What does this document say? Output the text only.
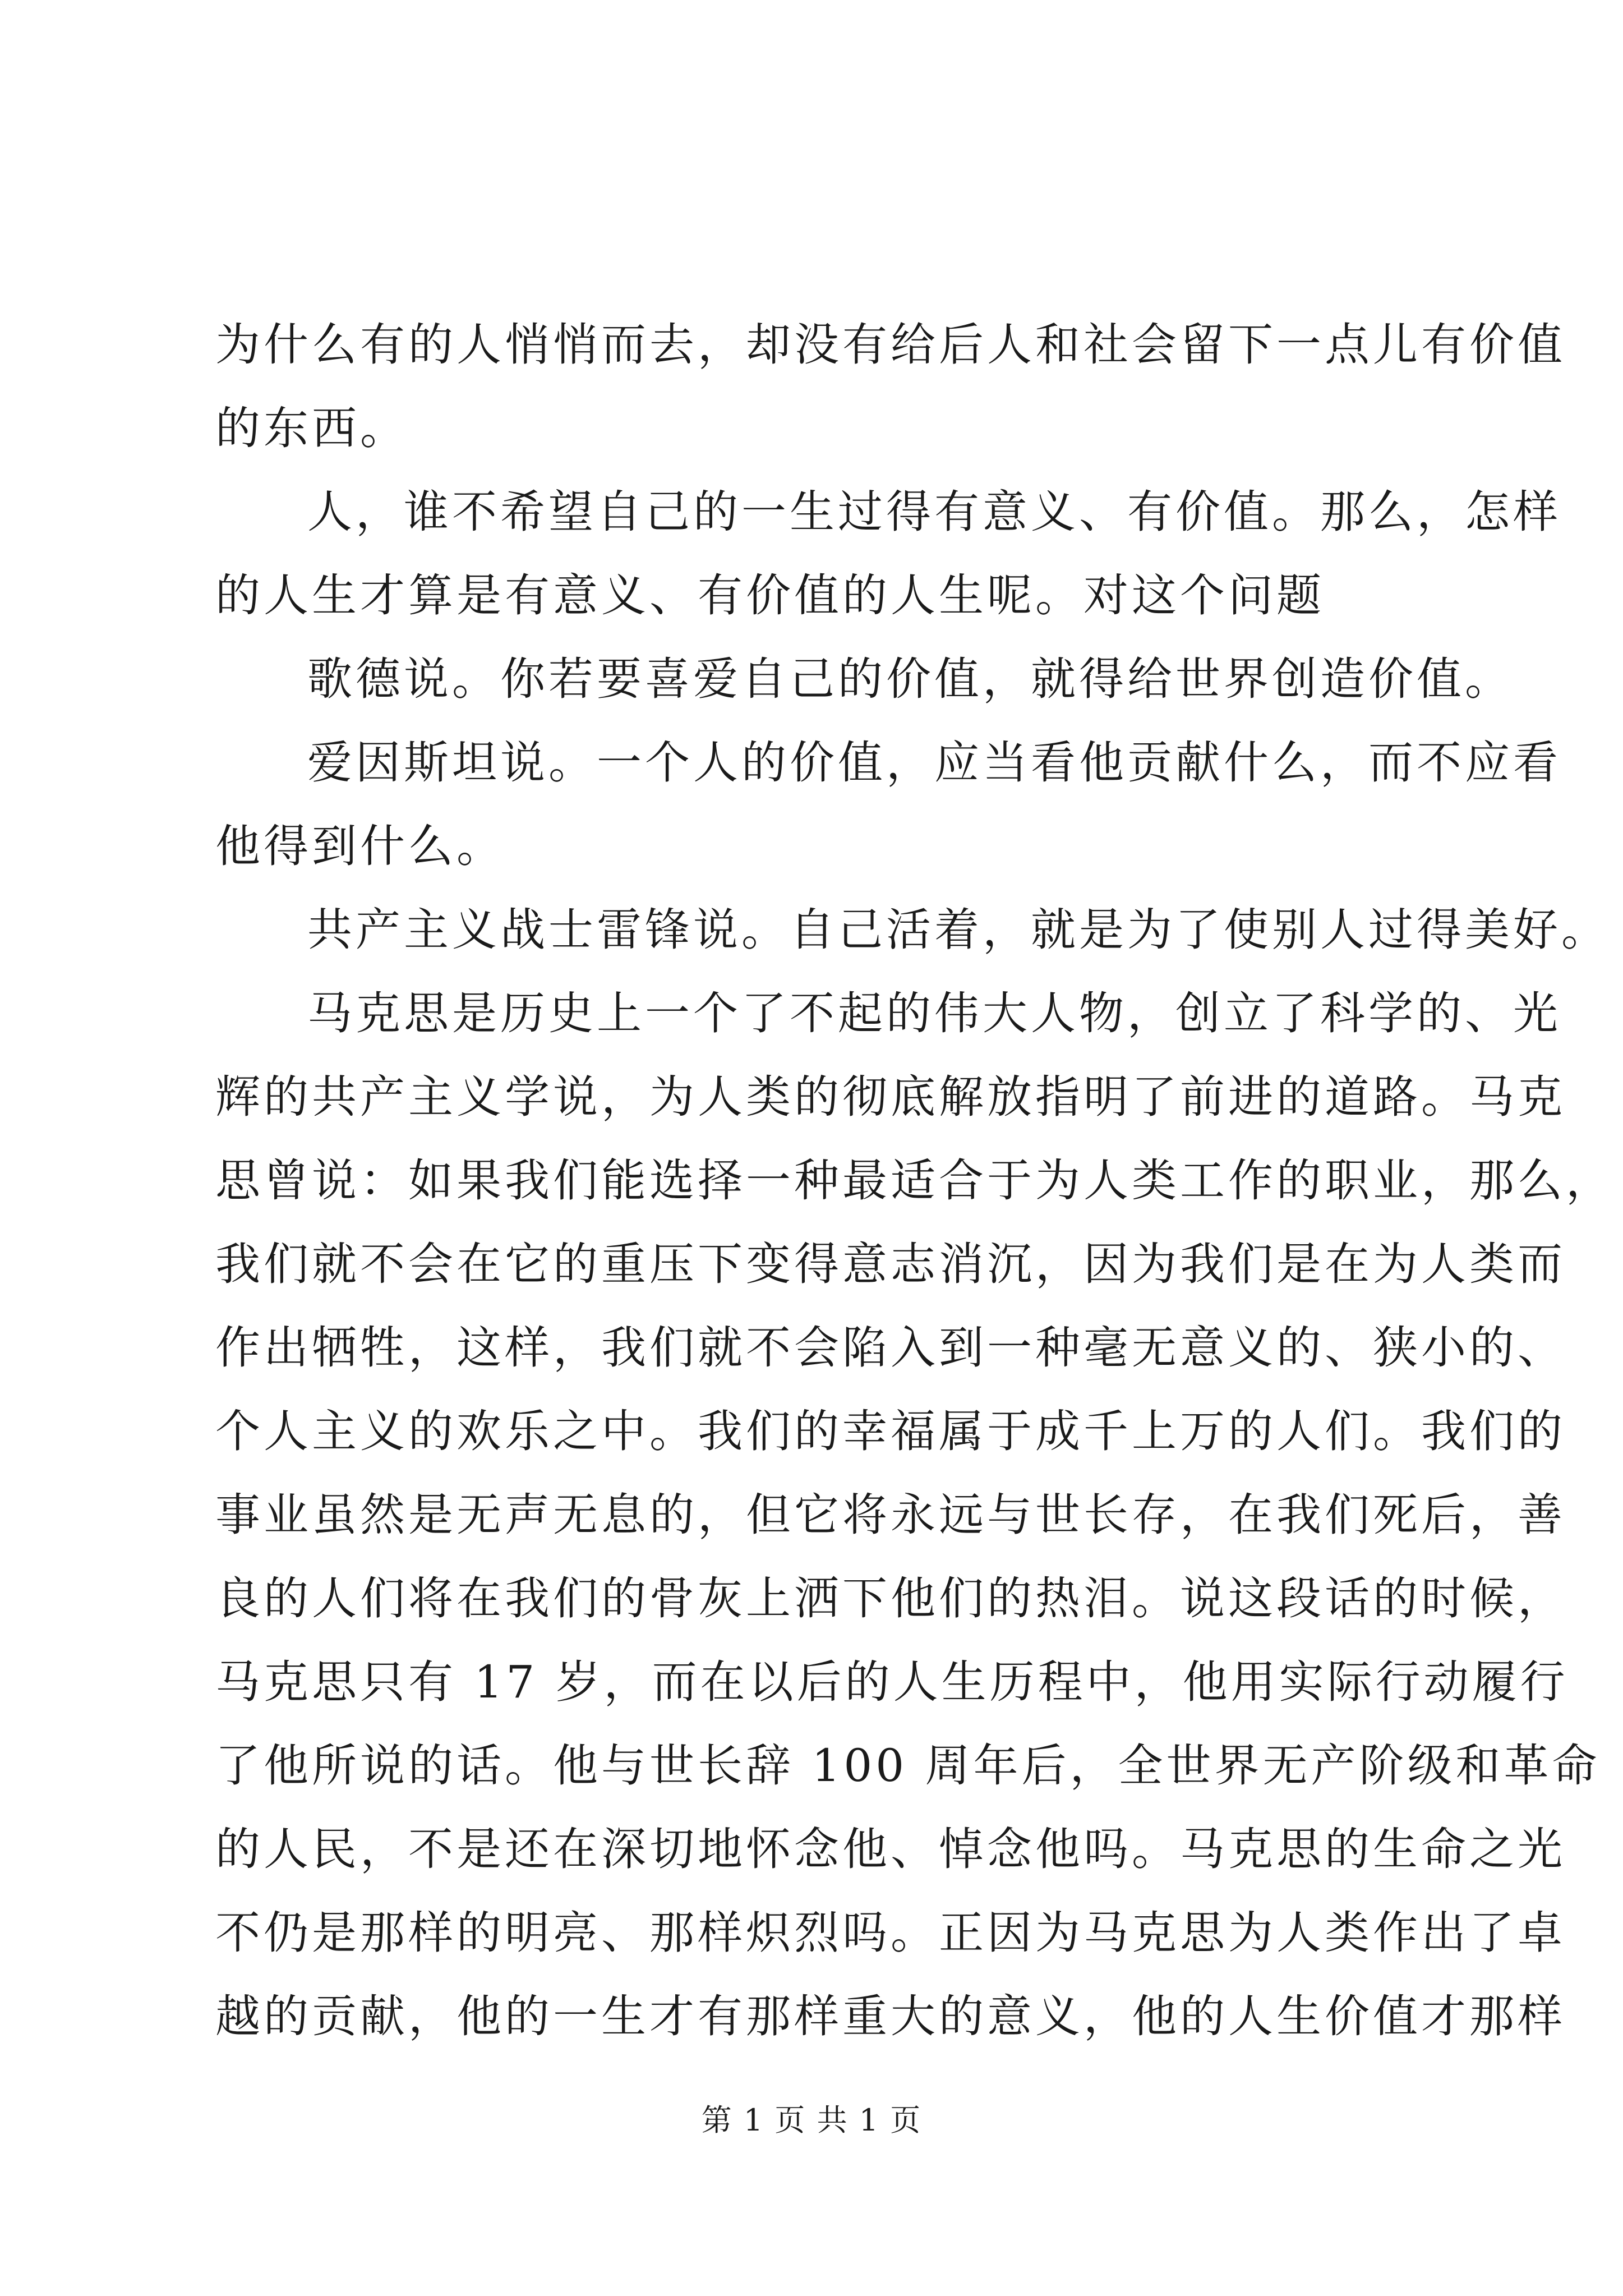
为什么有的人悄悄而去，却没有给后人和社会留下一点儿有价值
的东西。
人，谁不希望自己的一生过得有意义、有价值。那么，怎样
的人生才算是有意义、有价值的人生呢。对这个问题
歌德说。你若要喜爱自己的价值，就得给世界创造价值。
爱因斯坦说。一个人的价值，应当看他贡献什么，而不应看
他得到什么。
共产主义战士雷锋说。自己活着，就是为了使别人过得美好。
马克思是历史上一个了不起的伟大人物，创立了科学的、光
辉的共产主义学说，为人类的彻底解放指明了前进的道路。马克
思曾说：如果我们能选择一种最适合于为人类工作的职业，那么，
我们就不会在它的重压下变得意志消沉，因为我们是在为人类而
作出牺牲，这样，我们就不会陷入到一种毫无意义的、狭小的、
个人主义的欢乐之中。我们的幸福属于成千上万的人们。我们的
事业虽然是无声无息的，但它将永远与世长存，在我们死后，善
良的人们将在我们的骨灰上洒下他们的热泪。说这段话的时候，
马克思只有 17 岁，而在以后的人生历程中，他用实际行动履行
了他所说的话。他与世长辞 100 周年后，全世界无产阶级和革命
的人民，不是还在深切地怀念他、悼念他吗。马克思的生命之光
不仍是那样的明亮、那样炽烈吗。正因为马克思为人类作出了卓
越的贡献，他的一生才有那样重大的意义，他的人生价值才那样
第 1 页 共 1 页
